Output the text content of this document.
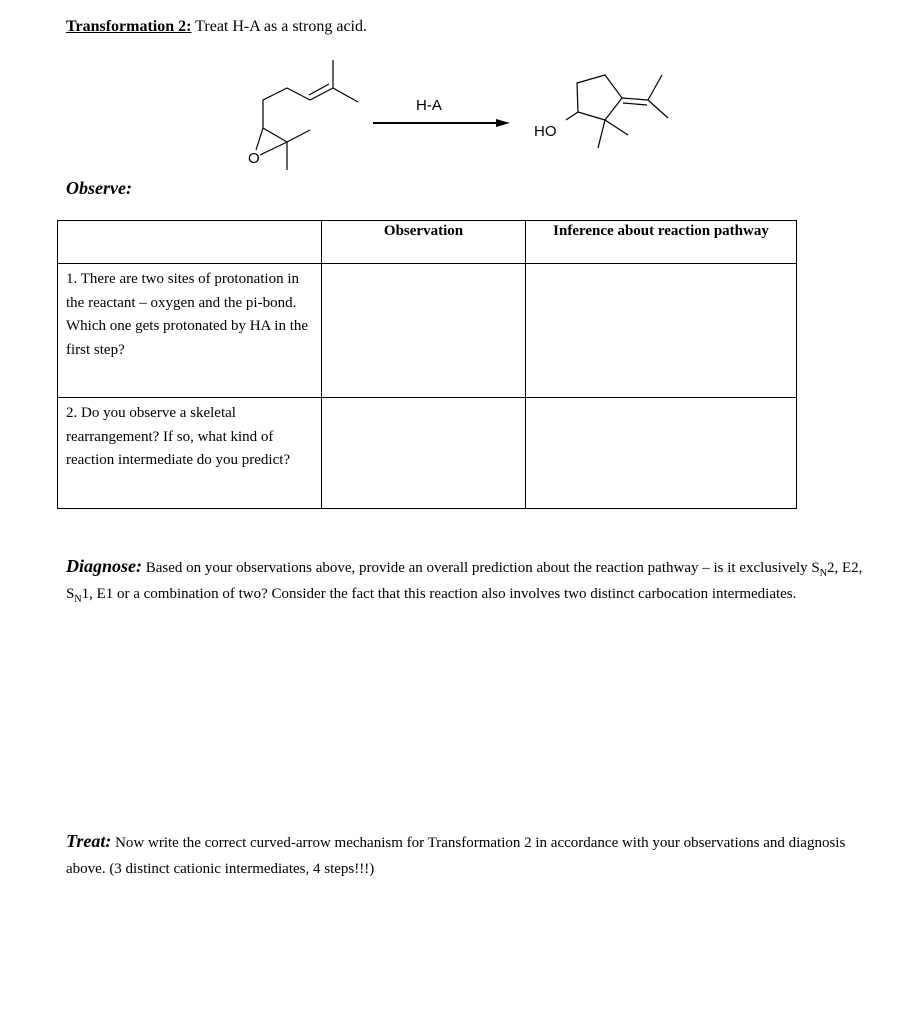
Transformation 2: Treat H-A as a strong acid.
O
H-A
HO
Observe:
	Observation	Inference about reaction pathway
1. There are two sites of protonation in the reactant – oxygen and the pi-bond. Which one gets protonated by HA in the first step?		
2. Do you observe a skeletal rearrangement? If so, what kind of reaction intermediate do you predict?		
Diagnose: Based on your observations above, provide an overall prediction about the reaction pathway – is it exclusively $S_N2$, E2, $S_N1$, E1 or a combination of two? Consider the fact that this reaction also involves two distinct carbocation intermediates.
Treat: Now write the correct curved-arrow mechanism for Transformation 2 in accordance with your observations and diagnosis above. (3 distinct cationic intermediates, 4 steps!!!)
